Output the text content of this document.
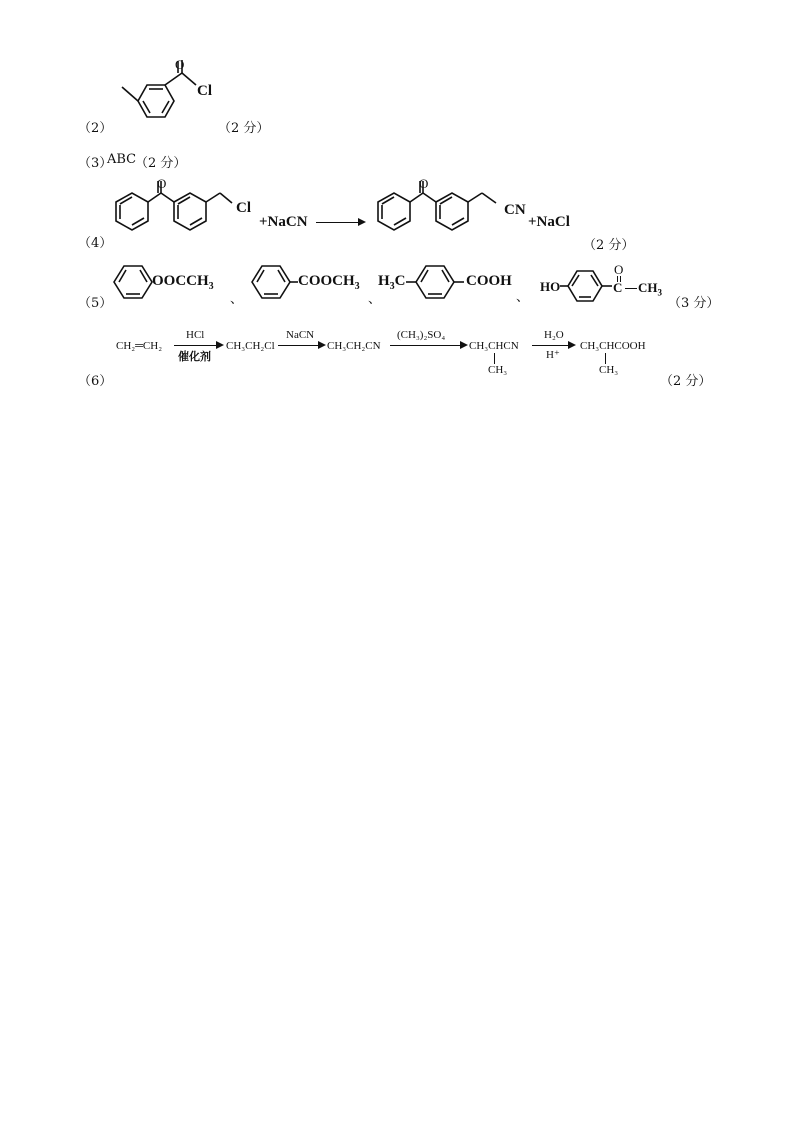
（2）
O
Cl
（2 分）
（3）
ABC
（2 分）
（4）
O
Cl
+NaCN
O
CN
+NaCl
（2 分）
（5）
$OOCCH_3$
、
$COOCH_3$
、
$H_3C$	COOH
、
HO
O
C $CH_3$
（3 分）
（6）
CH₂═CH₂
HCl
催化剂
CH₃CH₂Cl
NaCN
CH₃CH₂CN
(CH₃)₂SO₄
CH₃CHCN
CH₃
H₂O
H⁺
CH₃CHCOOH
CH₃
（2 分）
